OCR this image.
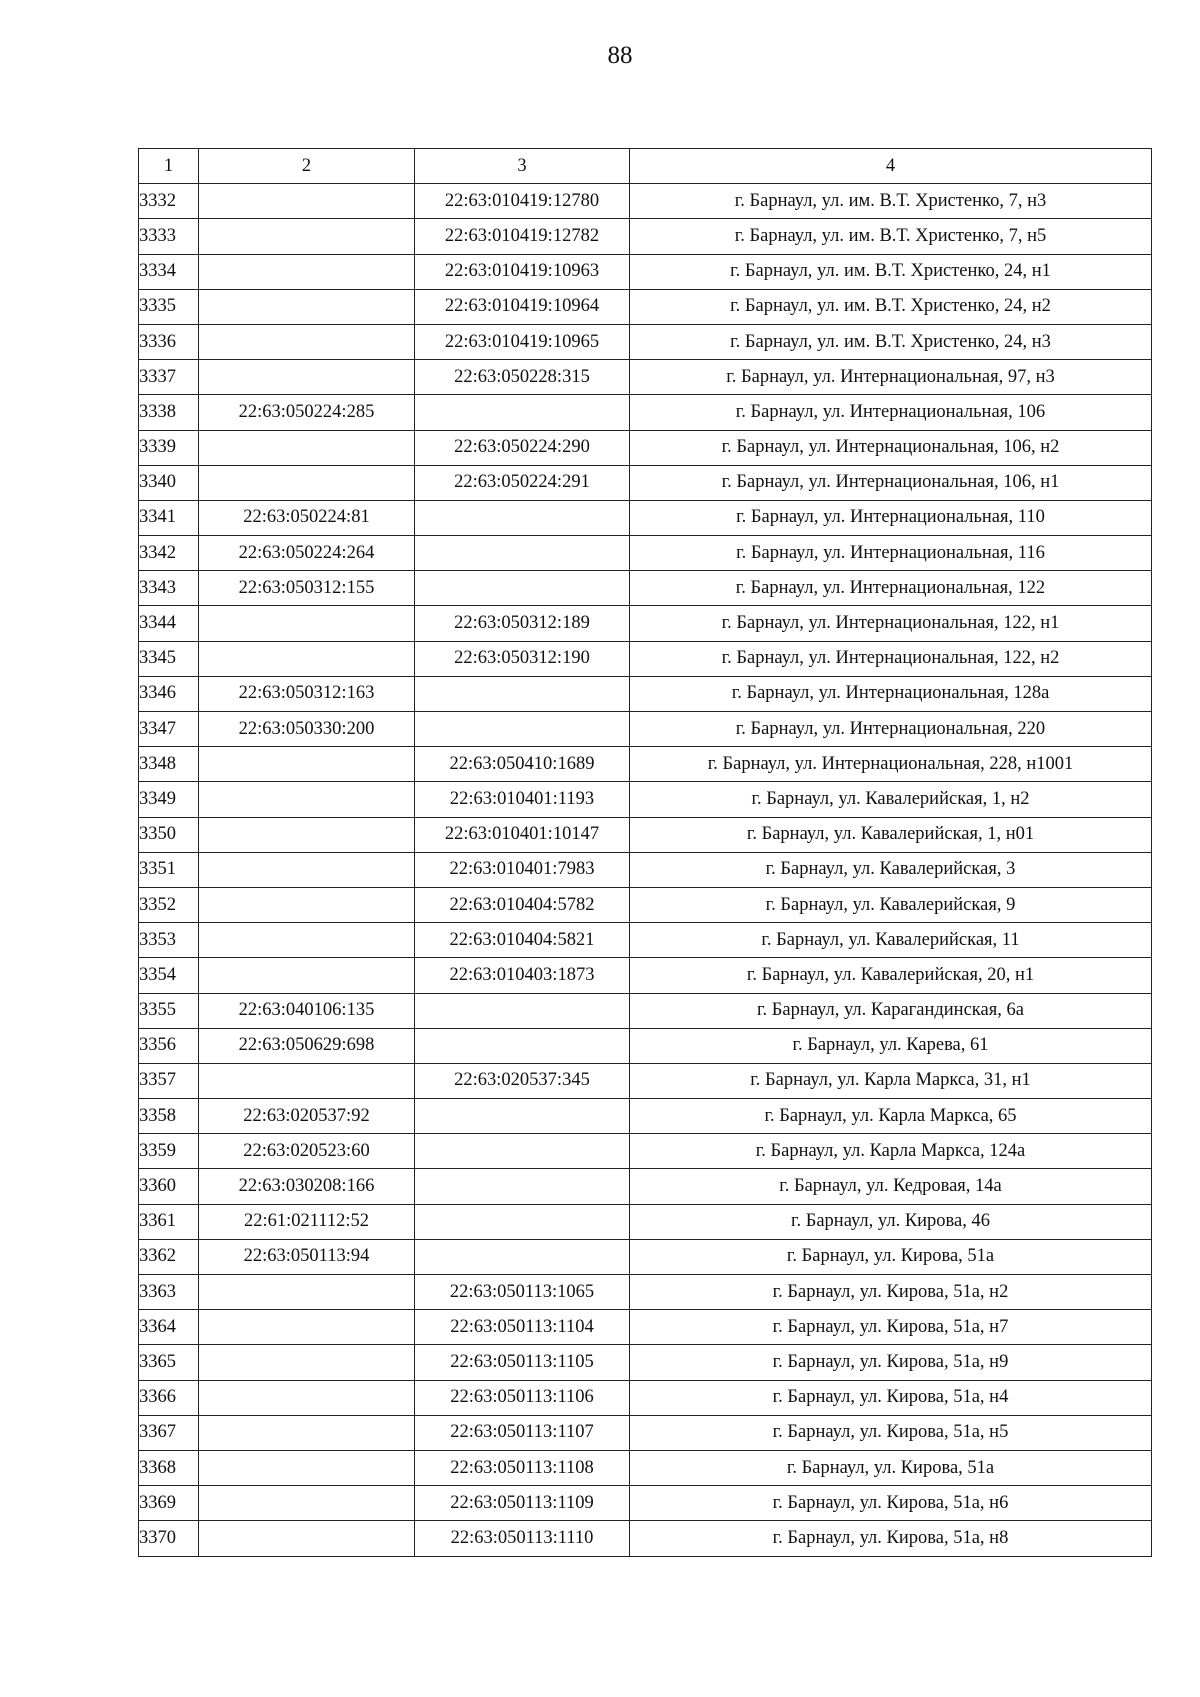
88
1	2	3	4
3332		22:63:010419:12780	г. Барнаул, ул. им. В.Т. Христенко, 7, н3
3333		22:63:010419:12782	г. Барнаул, ул. им. В.Т. Христенко, 7, н5
3334		22:63:010419:10963	г. Барнаул, ул. им. В.Т. Христенко, 24, н1
3335		22:63:010419:10964	г. Барнаул, ул. им. В.Т. Христенко, 24, н2
3336		22:63:010419:10965	г. Барнаул, ул. им. В.Т. Христенко, 24, н3
3337		22:63:050228:315	г. Барнаул, ул. Интернациональная, 97, н3
3338	22:63:050224:285		г. Барнаул, ул. Интернациональная, 106
3339		22:63:050224:290	г. Барнаул, ул. Интернациональная, 106, н2
3340		22:63:050224:291	г. Барнаул, ул. Интернациональная, 106, н1
3341	22:63:050224:81		г. Барнаул, ул. Интернациональная, 110
3342	22:63:050224:264		г. Барнаул, ул. Интернациональная, 116
3343	22:63:050312:155		г. Барнаул, ул. Интернациональная, 122
3344		22:63:050312:189	г. Барнаул, ул. Интернациональная, 122, н1
3345		22:63:050312:190	г. Барнаул, ул. Интернациональная, 122, н2
3346	22:63:050312:163		г. Барнаул, ул. Интернациональная, 128а
3347	22:63:050330:200		г. Барнаул, ул. Интернациональная, 220
3348		22:63:050410:1689	г. Барнаул, ул. Интернациональная, 228, н1001
3349		22:63:010401:1193	г. Барнаул, ул. Кавалерийская, 1, н2
3350		22:63:010401:10147	г. Барнаул, ул. Кавалерийская, 1, н01
3351		22:63:010401:7983	г. Барнаул, ул. Кавалерийская, 3
3352		22:63:010404:5782	г. Барнаул, ул. Кавалерийская, 9
3353		22:63:010404:5821	г. Барнаул, ул. Кавалерийская, 11
3354		22:63:010403:1873	г. Барнаул, ул. Кавалерийская, 20, н1
3355	22:63:040106:135		г. Барнаул, ул. Карагандинская, 6а
3356	22:63:050629:698		г. Барнаул, ул. Карева, 61
3357		22:63:020537:345	г. Барнаул, ул. Карла Маркса, 31, н1
3358	22:63:020537:92		г. Барнаул, ул. Карла Маркса, 65
3359	22:63:020523:60		г. Барнаул, ул. Карла Маркса, 124а
3360	22:63:030208:166		г. Барнаул, ул. Кедровая, 14а
3361	22:61:021112:52		г. Барнаул, ул. Кирова, 46
3362	22:63:050113:94		г. Барнаул, ул. Кирова, 51а
3363		22:63:050113:1065	г. Барнаул, ул. Кирова, 51а, н2
3364		22:63:050113:1104	г. Барнаул, ул. Кирова, 51а, н7
3365		22:63:050113:1105	г. Барнаул, ул. Кирова, 51а, н9
3366		22:63:050113:1106	г. Барнаул, ул. Кирова, 51а, н4
3367		22:63:050113:1107	г. Барнаул, ул. Кирова, 51а, н5
3368		22:63:050113:1108	г. Барнаул, ул. Кирова, 51а
3369		22:63:050113:1109	г. Барнаул, ул. Кирова, 51а, н6
3370		22:63:050113:1110	г. Барнаул, ул. Кирова, 51а, н8
